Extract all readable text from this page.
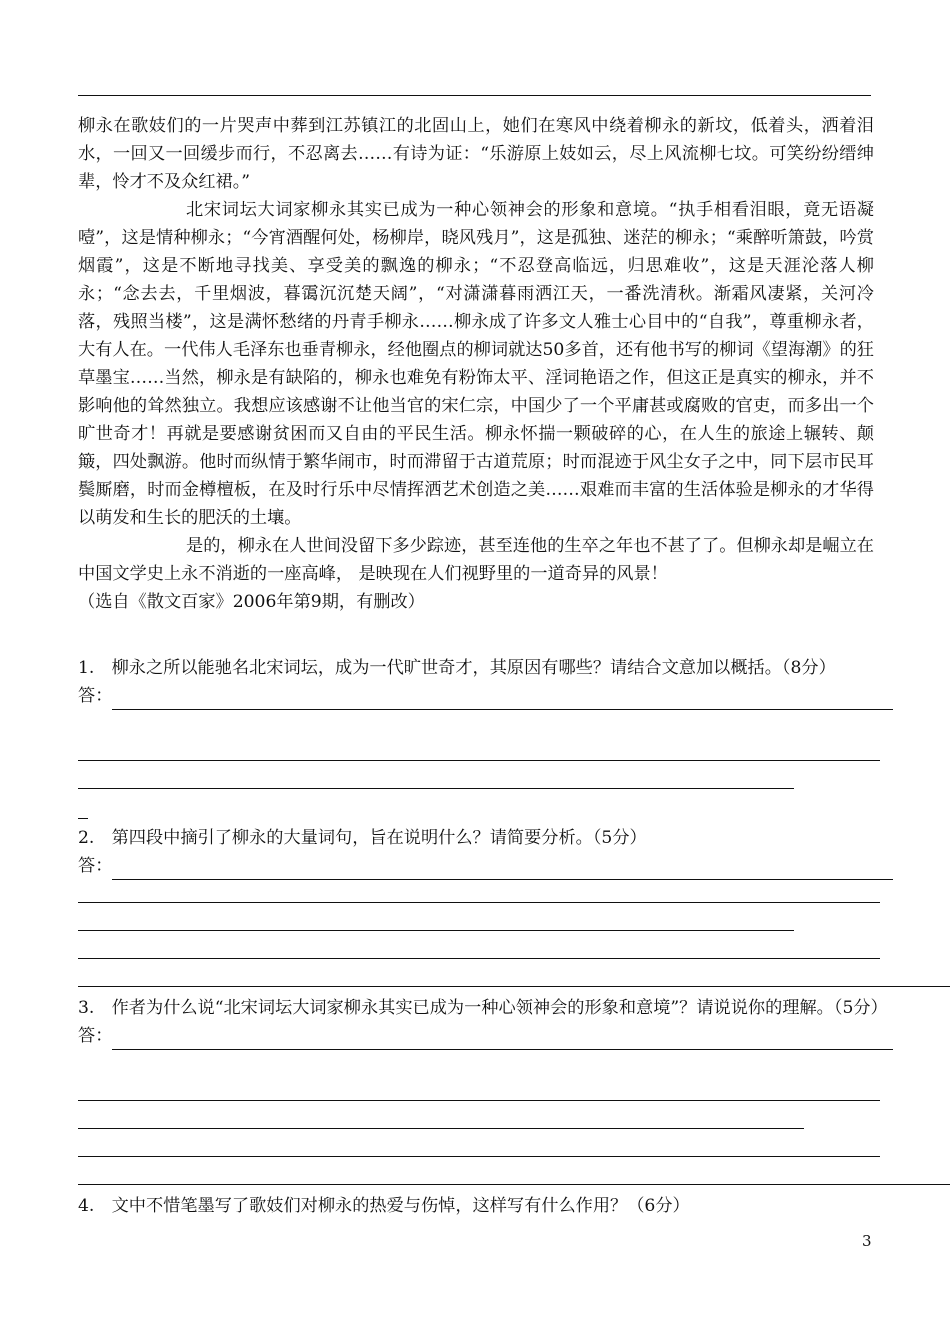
柳永在歌妓们的一片哭声中葬到江苏镇江的北固山上，她们在寒风中绕着柳永的新坟，低着头，洒着泪水，一回又一回缓步而行，不忍离去……有诗为证：“乐游原上妓如云，尽上风流柳七坟。可笑纷纷缙绅辈，怜才不及众红裙。”

北宋词坛大词家柳永其实已成为一种心领神会的形象和意境。“执手相看泪眼，竟无语凝噎”，这是情种柳永；“今宵酒醒何处，杨柳岸，晓风残月”，这是孤独、迷茫的柳永；“乘醉听箫鼓，吟赏烟霞”，这是不断地寻找美、享受美的飘逸的柳永；“不忍登高临远，归思难收”，这是天涯沦落人柳永；“念去去，千里烟波，暮霭沉沉楚天阔”，“对潇潇暮雨洒江天，一番洗清秋。渐霜风凄紧，关河冷落，残照当楼”，这是满怀愁绪的丹青手柳永……柳永成了许多文人雅士心目中的“自我”，尊重柳永者，大有人在。一代伟人毛泽东也垂青柳永，经他圈点的柳词就达50多首，还有他书写的柳词《望海潮》的狂草墨宝……当然，柳永是有缺陷的，柳永也难免有粉饰太平、淫词艳语之作，但这正是真实的柳永，并不影响他的耸然独立。我想应该感谢不让他当官的宋仁宗，中国少了一个平庸甚或腐败的官吏，而多出一个旷世奇才！再就是要感谢贫困而又自由的平民生活。柳永怀揣一颗破碎的心，在人生的旅途上辗转、颠簸，四处飘游。他时而纵情于繁华闹市，时而滞留于古道荒原；时而混迹于风尘女子之中，同下层市民耳鬓厮磨，时而金樽檀板，在及时行乐中尽情挥洒艺术创造之美……艰难而丰富的生活体验是柳永的才华得以萌发和生长的肥沃的土壤。

是的，柳永在人世间没留下多少踪迹，甚至连他的生卒之年也不甚了了。但柳永却是崛立在中国文学史上永不消逝的一座高峰， 是映现在人们视野里的一道奇异的风景！

（选自《散文百家》2006年第9期，有删改）

1.　柳永之所以能驰名北宋词坛，成为一代旷世奇才，其原因有哪些？请结合文意加以概括。（8分）

答：

2.　第四段中摘引了柳永的大量词句，旨在说明什么？请简要分析。（5分）

答：

3.　作者为什么说“北宋词坛大词家柳永其实已成为一种心领神会的形象和意境”？请说说你的理解。（5分）

答：

4.　文中不惜笔墨写了歌妓们对柳永的热爱与伤悼，这样写有什么作用？（6分）

3
